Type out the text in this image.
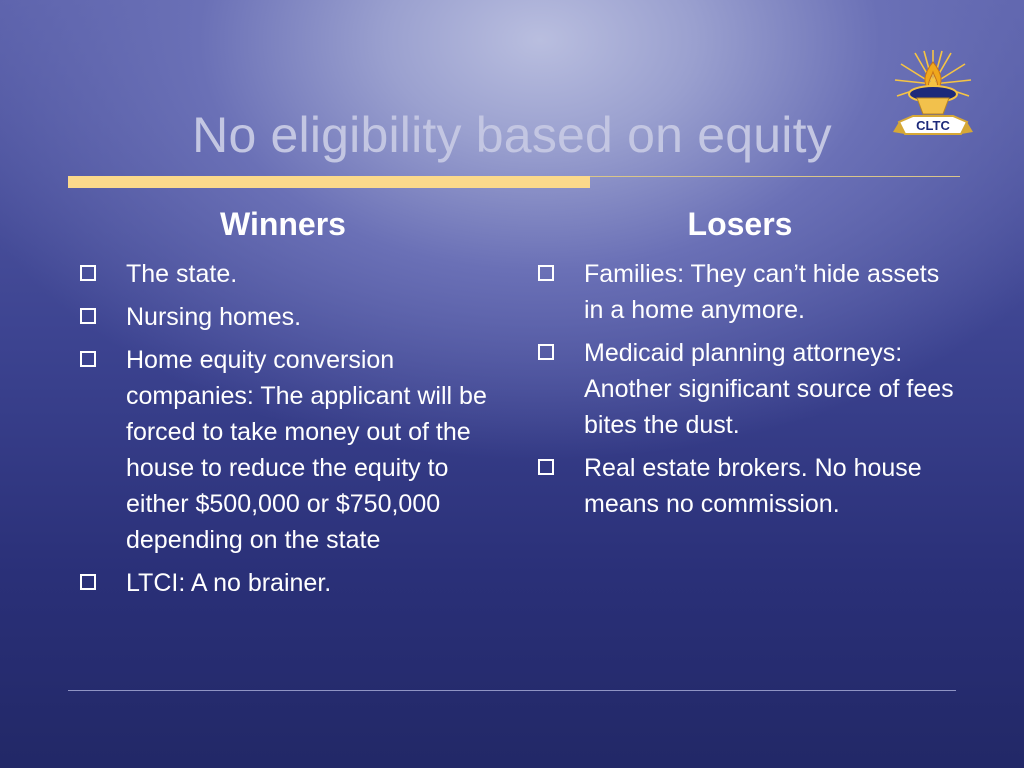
No eligibility based on equity	CLTC
Winners
The state.
Nursing homes.
Home equity conversion companies: The applicant will be forced to take money out of the house to reduce the equity to either $500,000 or $750,000 depending on the state
LTCI: A no brainer.
Losers
Families: They can’t hide assets in a home anymore.
Medicaid planning attorneys: Another significant source of fees bites the dust.
Real estate brokers. No house means no commission.
